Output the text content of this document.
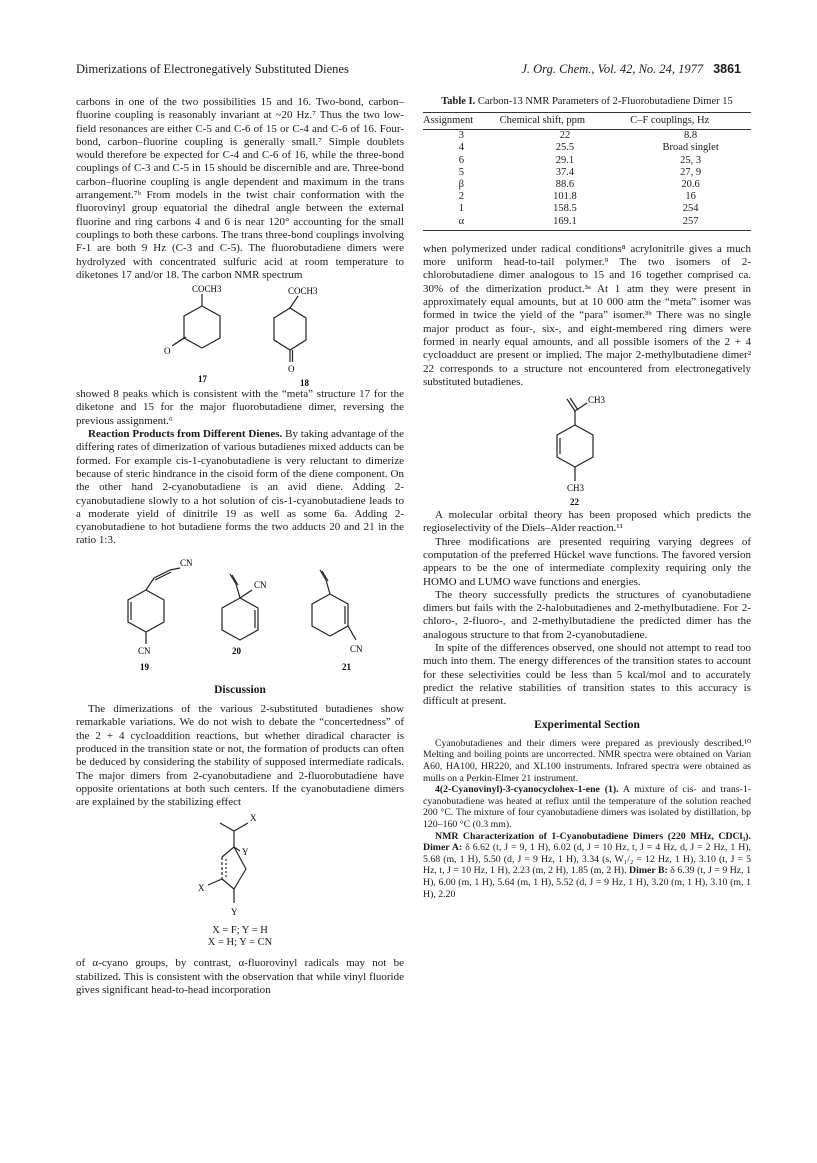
Dimerizations of Electronegatively Substituted Dienes	J. Org. Chem., Vol. 42, No. 24, 1977 3861

carbons in one of the two possibilities 15 and 16. Two-bond, carbon–fluorine coupling is reasonably invariant at ~20 Hz.⁷ Thus the two low-field resonances are either C-5 and C-6 of 15 or C-4 and C-6 of 16. Four-bond, carbon–fluorine coupling is generally small.⁷ Simple doublets would therefore be expected for C-4 and C-6 of 16, while the three-bond couplings of C-3 and C-5 in 15 should be discernible and are. Three-bond carbon–fluorine coupling is angle dependent and maximum in the trans arrangement.⁷ᵇ From models in the twist chair conformation with the fluorovinyl group equatorial the dihedral angle between the external fluorine and ring carbons 4 and 6 is near 120° accounting for the small couplings to both these carbons. The trans three-bond couplings involving F-1 are both 9 Hz (C-3 and C-5). The fluorobutadiene dimers were hydrolyzed with concentrated sulfuric acid at room temperature to diketones 17 and/or 18. The carbon NMR spectrum

COCH3	COCH3
O
O
17	18

showed 8 peaks which is consistent with the “meta” structure 17 for the diketone and 15 for the major fluorobutadiene dimer, reversing the previous assignment.⁶

Reaction Products from Different Dienes. By taking advantage of the differing rates of dimerization of various butadienes mixed adducts can be formed. For example cis-1-cyanobutadiene is very reluctant to dimerize because of steric hindrance in the cisoid form of the diene component. On the other hand 2-cyanobutadiene is an avid diene. Adding 2-cyanobutadiene slowly to a hot solution of cis-1-cyanobutadiene leads to a moderate yield of dinitrile 19 as well as some 6a. Adding 2-cyanobutadiene to hot butadiene forms the two adducts 20 and 21 in the ratio 1:3.

CN
CN
CN
CN
19
20
21
Discussion

The dimerizations of the various 2-substituted butadienes show remarkable variations. We do not wish to debate the “concertedness” of the 2 + 4 cycloaddition reactions, but whether diradical character is produced in the transition state or not, the formation of products can often be deduced by considering the stability of supposed intermediate radicals. The major dimers from 2-cyanobutadiene and 2-fluorobutadiene have opposite orientations at both such centers. If the cyanobutadiene dimers are explained by the stabilizing effect

X
Y
X
Y
X = F; Y = H
X = H; Y = CN

of α-cyano groups, by contrast, α-fluorovinyl radicals may not be stabilized. This is consistent with the observation that while vinyl fluoride gives significant head-to-head incorporation

Table I. Carbon-13 NMR Parameters of 2-Fluorobutadiene Dimer 15
Assignment	Chemical shift, ppm	C–F couplings, Hz
3	22	8.8
4	25.5	Broad singlet
6	29.1	25, 3
5	37.4	27, 9
β	88.6	20.6
2	101.8	16
1	158.5	254
α	169.1	257

when polymerized under radical conditions⁸ acrylonitrile gives a much more uniform head-to-tail polymer.⁹ The two isomers of 2-chlorobutadiene dimer analogous to 15 and 16 together comprised ca. 30% of the dimerization product.³ᵃ At 1 atm they were present in approximately equal amounts, but at 10 000 atm the “meta” isomer was formed in twice the yield of the “para” isomer.³ᵇ There was no single major product as four-, six-, and eight-membered ring dimers were formed in nearly equal amounts, and all possible isomers of the 2 + 4 cycloadduct are present or implied. The major 2-methylbutadiene dimer² 22 corresponds to a structure not encountered from electronegatively substituted butadienes.

CH3
CH3
22

A molecular orbital theory has been proposed which predicts the regioselectivity of the Diels–Alder reaction.¹¹

Three modifications are presented requiring varying degrees of computation of the preferred Hückel wave functions. The favored version appears to be the one of intermediate complexity requiring only the HOMO and LUMO wave functions and energies.

The theory successfully predicts the structures of cyanobutadiene dimers but fails with the 2-halobutadienes and 2-methylbutadiene. For 2-chloro-, 2-fluoro-, and 2-methylbutadiene the predicted dimer has the analogous structure to that from 2-cyanobutadiene.

In spite of the differences observed, one should not attempt to read too much into them. The energy differences of the transition states to account for these selectivities could be less than 5 kcal/mol and to accurately predict the relative stabilities of transition states to this accuracy is difficult at present.

Experimental Section

Cyanobutadienes and their dimers were prepared as previously described.¹⁰ Melting and boiling points are uncorrected. NMR spectra were obtained on Varian A60, HA100, HR220, and XL100 instruments. Infrared spectra were obtained as mulls on a Perkin-Elmer 21 instrument.

4(2-Cyanovinyl)-3-cyanocyclohex-1-ene (1). A mixture of cis- and trans-1-cyanobutadiene was heated at reflux until the temperature of the solution reached 200 °C. The mixture of four cyanobutadiene dimers was isolated by distillation, bp 120–160 °C (0.3 mm).

NMR Characterization of 1-Cyanobutadiene Dimers (220 MHz, CDCl₃). Dimer A: δ 6.62 (t, J = 9, 1 H), 6.02 (d, J = 10 Hz, t, J = 4 Hz, d, J = 2 Hz, 1 H), 5.68 (m, 1 H), 5.50 (d, J = 9 Hz, 1 H), 3.34 (s, W₁/₂ = 12 Hz, 1 H), 3.10 (t, J = 5 Hz, t, J = 10 Hz, 1 H), 2.23 (m, 2 H), 1.85 (m, 2 H). Dimer B: δ 6.39 (t, J = 9 Hz, 1 H), 6.00 (m, 1 H), 5.64 (m, 1 H), 5.52 (d, J = 9 Hz, 1 H), 3.20 (m, 1 H), 3.10 (m, 1 H), 2.20
